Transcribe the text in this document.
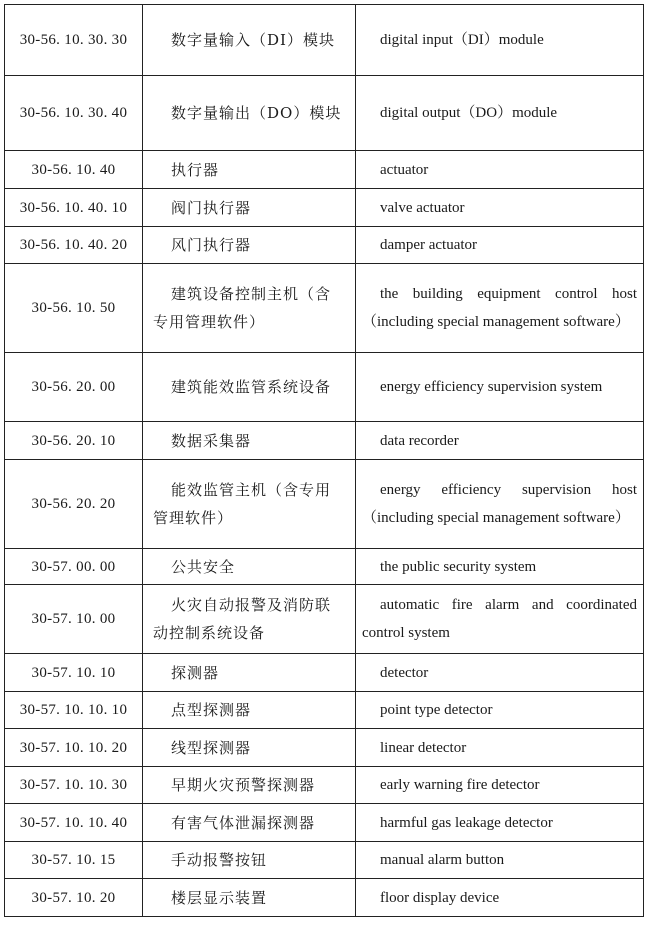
30-56. 10. 30. 30	数字量输入（DI）模块	digital input（DI）module
30-56. 10. 30. 40	数字量输出（DO）模块	digital output（DO）module
30-56. 10. 40	执行器	actuator
30-56. 10. 40. 10	阀门执行器	valve actuator
30-56. 10. 40. 20	风门执行器	damper actuator
30-56. 10. 50	建筑设备控制主机（含专用管理软件）	the building equipment control host（including special management software）
30-56. 20. 00	建筑能效监管系统设备	energy efficiency supervision system
30-56. 20. 10	数据采集器	data recorder
30-56. 20. 20	能效监管主机（含专用管理软件）	energy efficiency supervision host（including special management software）
30-57. 00. 00	公共安全	the public security system
30-57. 10. 00	火灾自动报警及消防联动控制系统设备	automatic fire alarm and coordinated control system
30-57. 10. 10	探测器	detector
30-57. 10. 10. 10	点型探测器	point type detector
30-57. 10. 10. 20	线型探测器	linear detector
30-57. 10. 10. 30	早期火灾预警探测器	early warning fire detector
30-57. 10. 10. 40	有害气体泄漏探测器	harmful gas leakage detector
30-57. 10. 15	手动报警按钮	manual alarm button
30-57. 10. 20	楼层显示装置	floor display device
